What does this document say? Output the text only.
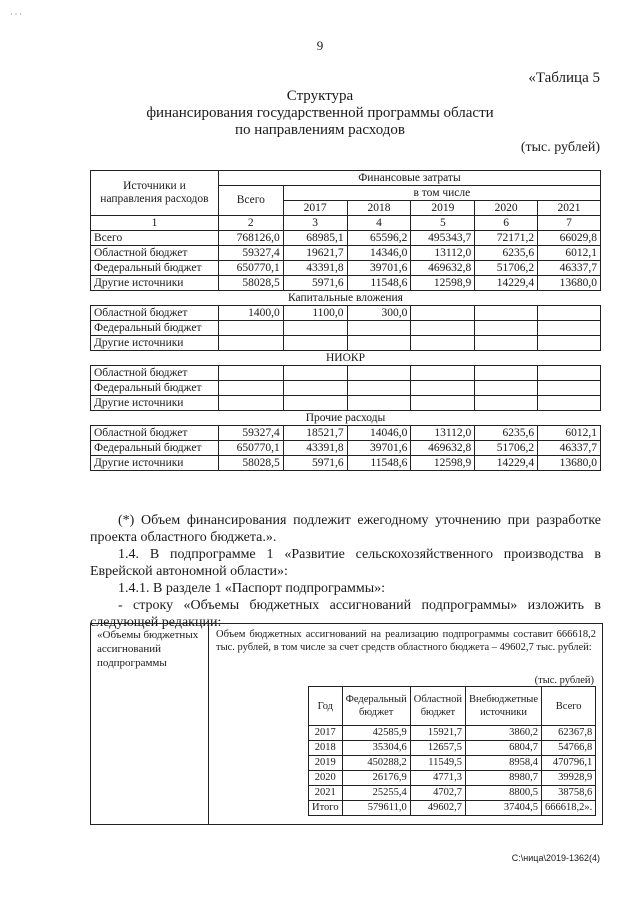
· · ·
9
«Таблица 5
Структура
финансирования государственной программы области
по направлениям расходов
(тыс. рублей)
Источники и направления расходов	Финансовые затраты					
	Всего	в том числе				
		2017	2018	2019	2020	2021
1	2	3	4	5	6	7
Всего	768126,0	68985,1	65596,2	495343,7	72171,2	66029,8
Областной бюджет	59327,4	19621,7	14346,0	13112,0	6235,6	6012,1
Федеральный бюджет	650770,1	43391,8	39701,6	469632,8	51706,2	46337,7
Другие источники	58028,5	5971,6	11548,6	12598,9	14229,4	13680,0
Капитальные вложения						
Областной бюджет	1400,0	1100,0	300,0			
Федеральный бюджет						
Другие источники						
НИОКР						
Областной бюджет						
Федеральный бюджет						
Другие источники						
Прочие расходы						
Областной бюджет	59327,4	18521,7	14046,0	13112,0	6235,6	6012,1
Федеральный бюджет	650770,1	43391,8	39701,6	469632,8	51706,2	46337,7
Другие источники	58028,5	5971,6	11548,6	12598,9	14229,4	13680,0
(*) Объем финансирования подлежит ежегодному уточнению при разработке проекта областного бюджета.».
1.4. В подпрограмме 1 «Развитие сельскохозяйственного производства в Еврейской автономной области»:
1.4.1. В разделе 1 «Паспорт подпрограммы»:
- строку «Объемы бюджетных ассигнований подпрограммы» изложить в следующей редакции:
«Объемы бюджетных ассигнований подпрограммы
Объем бюджетных ассигнований на реализацию подпрограммы составит 666618,2 тыс. рублей, в том числе за счет средств областного бюджета – 49602,7 тыс. рублей:
(тыс. рублей)
Год	Федеральный бюджет	Областной бюджет	Внебюджетные источники	Всего
2017	42585,9	15921,7	3860,2	62367,8
2018	35304,6	12657,5	6804,7	54766,8
2019	450288,2	11549,5	8958,4	470796,1
2020	26176,9	4771,3	8980,7	39928,9
2021	25255,4	4702,7	8800,5	38758,6
Итого	579611,0	49602,7	37404,5	666618,2».
С:\ница\2019-1362(4)
